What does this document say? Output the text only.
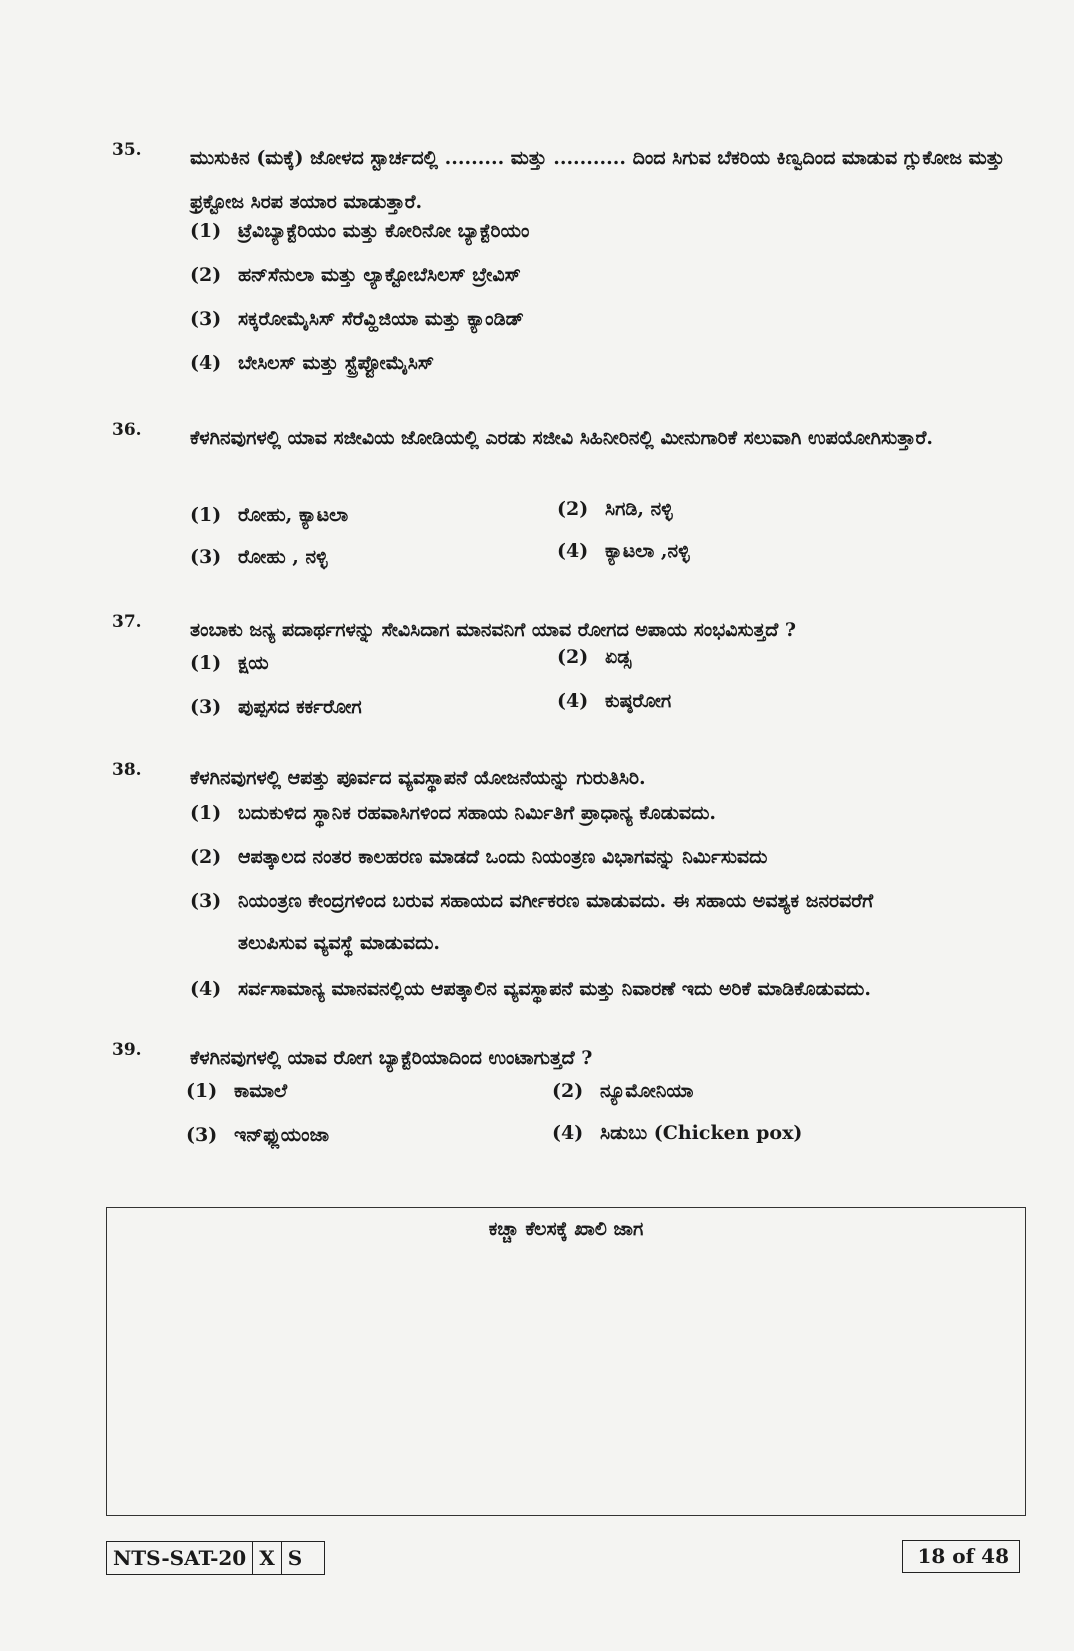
35.	ಮುಸುಕಿನ (ಮಕ್ಕೆ) ಜೋಳದ ಸ್ಟಾರ್ಚದಲ್ಲಿ ......... ಮತ್ತು ........... ದಿಂದ ಸಿಗುವ ಬೆಕರಿಯ ಕಿಣ್ವದಿಂದ ಮಾಡುವ ಗ್ಲುಕೋಜ ಮತ್ತು ಫ್ರಕ್ಟೋಜ ಸಿರಪ ತಯಾರ ಮಾಡುತ್ತಾರೆ.
(1) ಟ್ರೆವಿಬ್ಯಾಕ್ಟೆರಿಯಂ ಮತ್ತು ಕೋರಿನೋ ಬ್ಯಾಕ್ಟೆರಿಯಂ
(2) ಹನ್‌ಸೆನುಲಾ ಮತ್ತು ಲ್ಯಾಕ್ಟೋಬೆಸಿಲಸ್ ಬ್ರೇವಿಸ್
(3) ಸಕ್ಕರೋಮೈಸಿಸ್ ಸೆರೆವ್ಹಿಜಿಯಾ ಮತ್ತು ಕ್ಯಾಂಡಿಡ್
(4) ಬೇಸಿಲಸ್ ಮತ್ತು ಸ್ಟ್ರೆಪ್ಟೋಮೈಸಿಸ್
36.	ಕೆಳಗಿನವುಗಳಲ್ಲಿ ಯಾವ ಸಜೀವಿಯ ಜೋಡಿಯಲ್ಲಿ ಎರಡು ಸಜೀವಿ ಸಿಹಿನೀರಿನಲ್ಲಿ ಮೀನುಗಾರಿಕೆ ಸಲುವಾಗಿ ಉಪಯೋಗಿಸುತ್ತಾರೆ.
(1) ರೋಹು, ಕ್ಯಾಟಲಾ	(2) ಸಿಗಡಿ, ನಳ್ಳಿ
(3) ರೋಹು , ನಳ್ಳಿ	(4) ಕ್ಯಾಟಲಾ ,ನಳ್ಳಿ
37.	ತಂಬಾಕು ಜನ್ಯ ಪದಾರ್ಥಗಳನ್ನು ಸೇವಿಸಿದಾಗ ಮಾನವನಿಗೆ ಯಾವ ರೋಗದ ಅಪಾಯ ಸಂಭವಿಸುತ್ತದೆ ?
(1) ಕ್ಷಯ	(2) ಏಡ್ಸ
(3) ಪುಪ್ಪಸದ ಕರ್ಕರೋಗ	(4) ಕುಷ್ಠರೋಗ
38.	ಕೆಳಗಿನವುಗಳಲ್ಲಿ ಆಪತ್ತು ಪೂರ್ವದ ವ್ಯವಸ್ಥಾಪನೆ ಯೋಜನೆಯನ್ನು ಗುರುತಿಸಿರಿ.
(1) ಬದುಕುಳಿದ ಸ್ಥಾನಿಕ ರಹವಾಸಿಗಳಿಂದ ಸಹಾಯ ನಿರ್ಮಿತಿಗೆ ಪ್ರಾಧಾನ್ಯ ಕೊಡುವದು.
(2) ಆಪತ್ಕಾಲದ ನಂತರ ಕಾಲಹರಣ ಮಾಡದೆ ಒಂದು ನಿಯಂತ್ರಣ ವಿಭಾಗವನ್ನು ನಿರ್ಮಿಸುವದು
(3) ನಿಯಂತ್ರಣ ಕೇಂದ್ರಗಳಿಂದ ಬರುವ ಸಹಾಯದ ವರ್ಗೀಕರಣ ಮಾಡುವದು. ಈ ಸಹಾಯ ಅವಶ್ಯಕ ಜನರವರೆಗೆ
ತಲುಪಿಸುವ ವ್ಯವಸ್ಥೆ ಮಾಡುವದು.
(4) ಸರ್ವಸಾಮಾನ್ಯ ಮಾನವನಲ್ಲಿಯ ಆಪತ್ಕಾಲಿನ ವ್ಯವಸ್ಥಾಪನೆ ಮತ್ತು ನಿವಾರಣೆ ಇದು ಅರಿಕೆ ಮಾಡಿಕೊಡುವದು.
39.	ಕೆಳಗಿನವುಗಳಲ್ಲಿ ಯಾವ ರೋಗ ಬ್ಯಾಕ್ಟೆರಿಯಾದಿಂದ ಉಂಟಾಗುತ್ತದೆ ?
(1) ಕಾಮಾಲೆ	(2) ನ್ಯೂಮೋನಿಯಾ
(3) ಇನ್‌ಫ್ಲುಯಂಜಾ	(4) ಸಿಡುಬು (Chicken pox)
ಕಚ್ಚಾ ಕೆಲಸಕ್ಕೆ ಖಾಲಿ ಜಾಗ
NTS-SAT-20 X S	18 of 48
